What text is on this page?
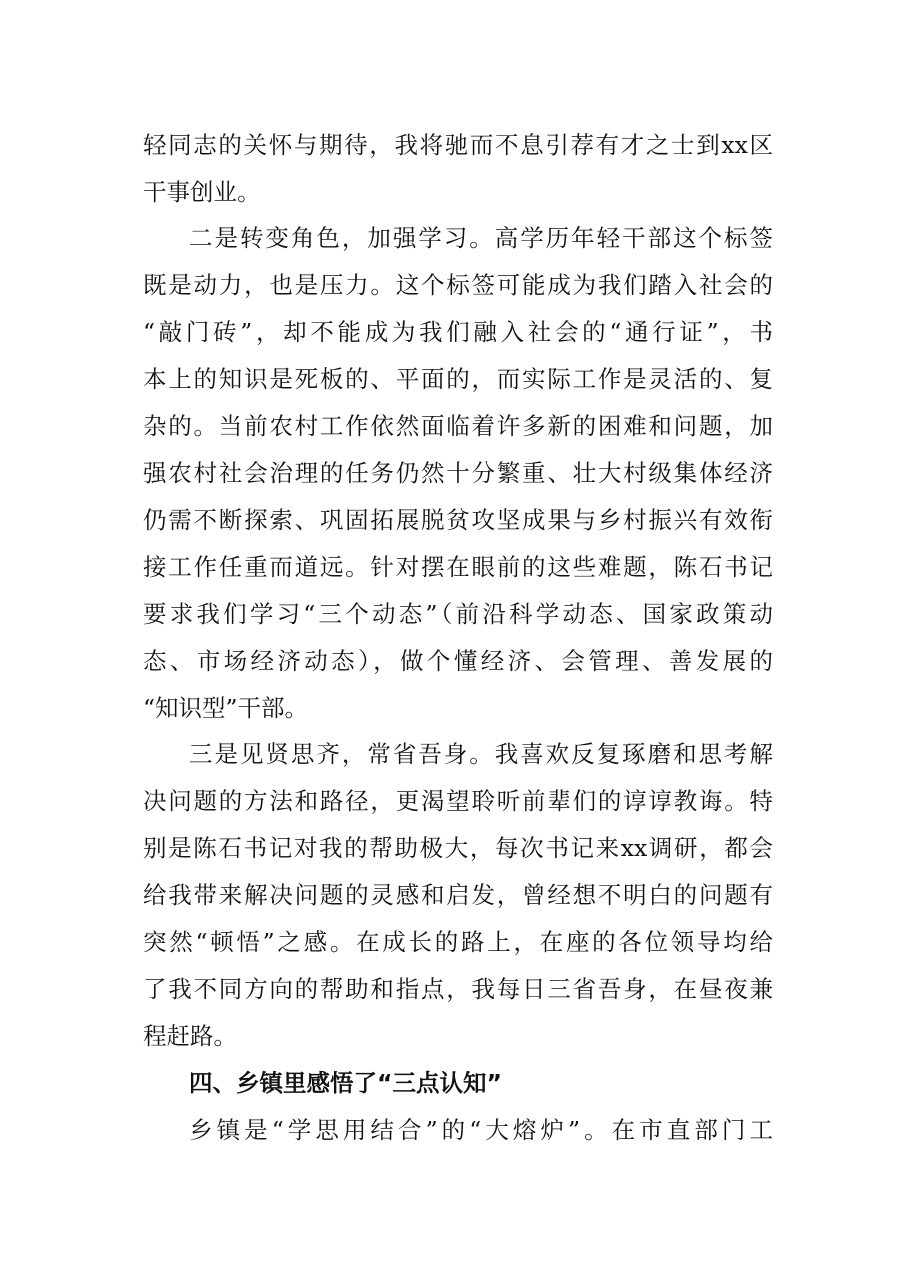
轻同志的关怀与期待，我将驰而不息引荐有才之士到xx区
干事创业。
二是转变角色，加强学习。高学历年轻干部这个标签
既是动力，也是压力。这个标签可能成为我们踏入社会的
“敲门砖”，却不能成为我们融入社会的“通行证”，书
本上的知识是死板的、平面的，而实际工作是灵活的、复
杂的。当前农村工作依然面临着许多新的困难和问题，加
强农村社会治理的任务仍然十分繁重、壮大村级集体经济
仍需不断探索、巩固拓展脱贫攻坚成果与乡村振兴有效衔
接工作任重而道远。针对摆在眼前的这些难题，陈石书记
要求我们学习“三个动态”（前沿科学动态、国家政策动
态、市场经济动态），做个懂经济、会管理、善发展的
“知识型”干部。
三是见贤思齐，常省吾身。我喜欢反复琢磨和思考解
决问题的方法和路径，更渴望聆听前辈们的谆谆教诲。特
别是陈石书记对我的帮助极大，每次书记来xx调研，都会
给我带来解决问题的灵感和启发，曾经想不明白的问题有
突然“顿悟”之感。在成长的路上，在座的各位领导均给
了我不同方向的帮助和指点，我每日三省吾身，在昼夜兼
程赶路。
四、乡镇里感悟了“三点认知”
乡镇是“学思用结合”的“大熔炉”。在市直部门工
